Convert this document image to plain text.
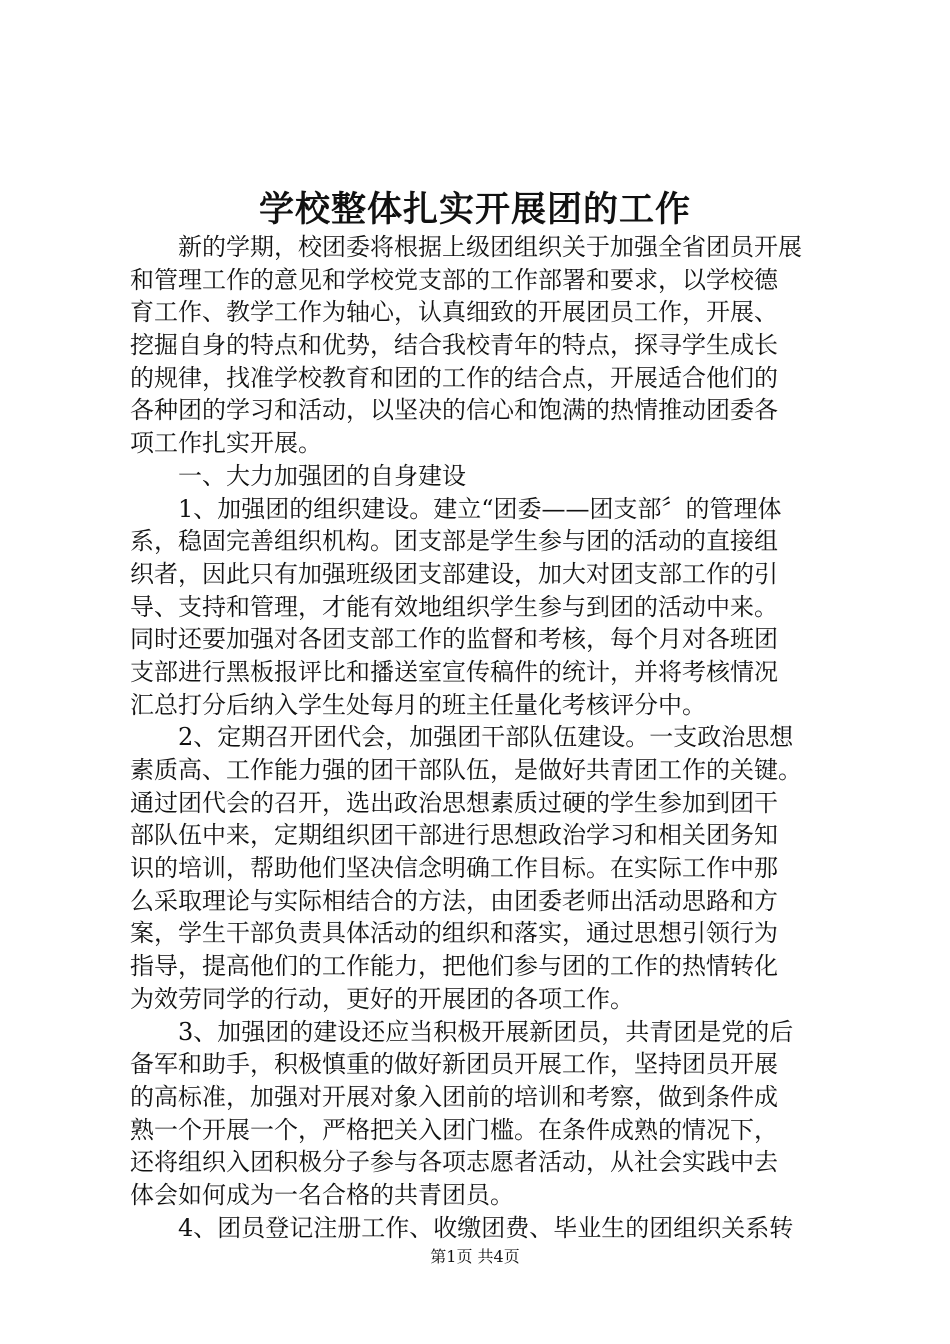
学校整体扎实开展团的工作
新的学期，校团委将根据上级团组织关于加强全省团员开展
和管理工作的意见和学校党支部的工作部署和要求，以学校德
育工作、教学工作为轴心，认真细致的开展团员工作，开展、
挖掘自身的特点和优势，结合我校青年的特点，探寻学生成长
的规律，找准学校教育和团的工作的结合点，开展适合他们的
各种团的学习和活动，以坚决的信心和饱满的热情推动团委各
项工作扎实开展。
一、大力加强团的自身建设
1、加强团的组织建设。建立“团委——团支部〞的管理体
系，稳固完善组织机构。团支部是学生参与团的活动的直接组
织者，因此只有加强班级团支部建设，加大对团支部工作的引
导、支持和管理，才能有效地组织学生参与到团的活动中来。
同时还要加强对各团支部工作的监督和考核，每个月对各班团
支部进行黑板报评比和播送室宣传稿件的统计，并将考核情况
汇总打分后纳入学生处每月的班主任量化考核评分中。
2、定期召开团代会，加强团干部队伍建设。一支政治思想
素质高、工作能力强的团干部队伍，是做好共青团工作的关键。
通过团代会的召开，选出政治思想素质过硬的学生参加到团干
部队伍中来，定期组织团干部进行思想政治学习和相关团务知
识的培训，帮助他们坚决信念明确工作目标。在实际工作中那
么采取理论与实际相结合的方法，由团委老师出活动思路和方
案，学生干部负责具体活动的组织和落实，通过思想引领行为
指导，提高他们的工作能力，把他们参与团的工作的热情转化
为效劳同学的行动，更好的开展团的各项工作。
3、加强团的建设还应当积极开展新团员，共青团是党的后
备军和助手，积极慎重的做好新团员开展工作，坚持团员开展
的高标准，加强对开展对象入团前的培训和考察，做到条件成
熟一个开展一个，严格把关入团门槛。在条件成熟的情况下，
还将组织入团积极分子参与各项志愿者活动，从社会实践中去
体会如何成为一名合格的共青团员。
4、团员登记注册工作、收缴团费、毕业生的团组织关系转
第1页 共4页
